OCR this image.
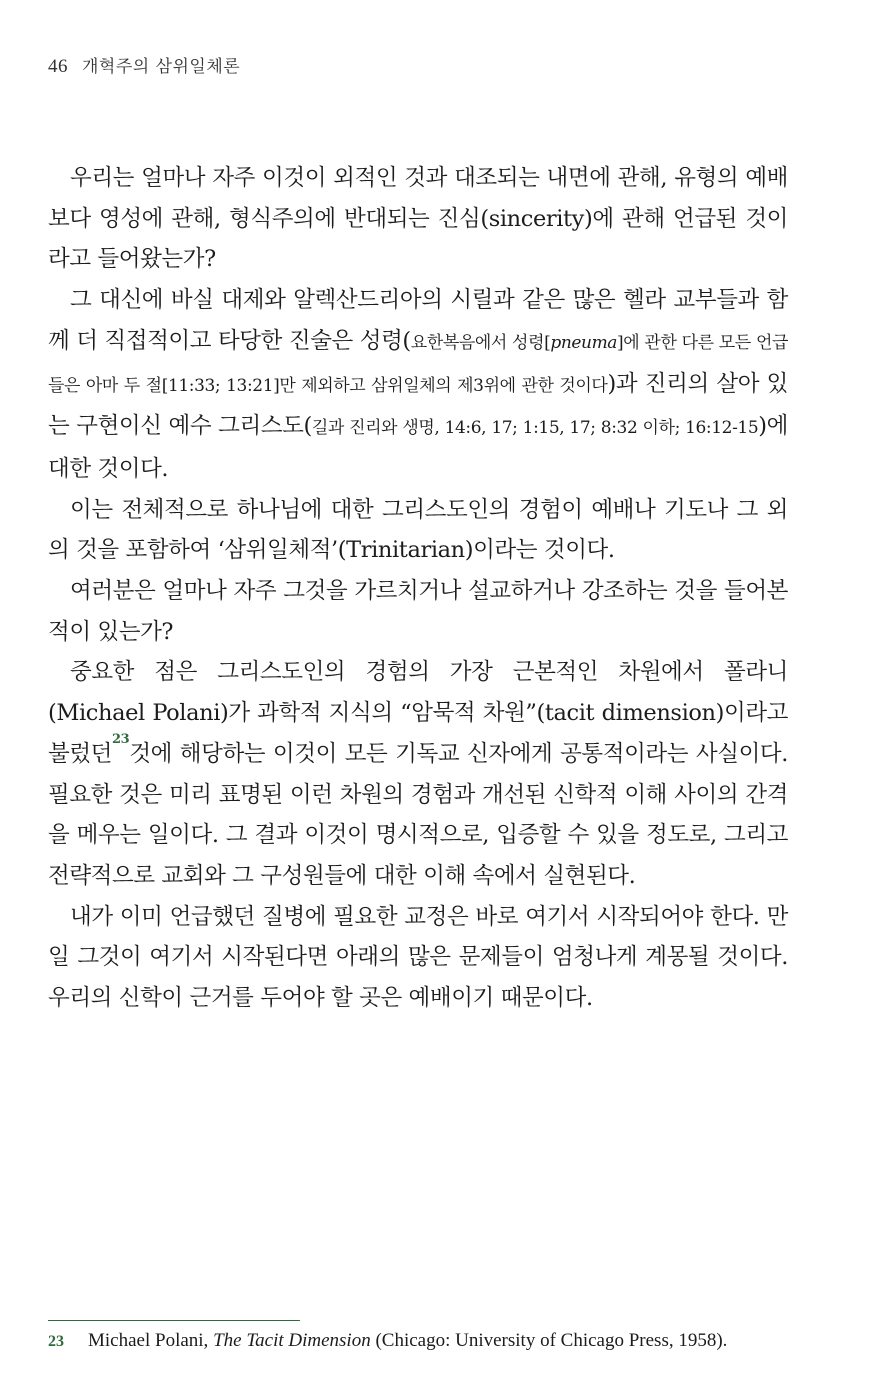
46 개혁주의 삼위일체론

우리는 얼마나 자주 이것이 외적인 것과 대조되는 내면에 관해, 유형의 예배보다 영성에 관해, 형식주의에 반대되는 진심(sincerity)에 관해 언급된 것이라고 들어왔는가?

그 대신에 바실 대제와 알렉산드리아의 시릴과 같은 많은 헬라 교부들과 함께 더 직접적이고 타당한 진술은 성령(요한복음에서 성령[pneuma]에 관한 다른 모든 언급들은 아마 두 절[11:33; 13:21]만 제외하고 삼위일체의 제3위에 관한 것이다)과 진리의 살아 있는 구현이신 예수 그리스도(길과 진리와 생명, 14:6, 17; 1:15, 17; 8:32 이하; 16:12-15)에 대한 것이다.

이는 전체적으로 하나님에 대한 그리스도인의 경험이 예배나 기도나 그 외의 것을 포함하여 ‘삼위일체적’(Trinitarian)이라는 것이다.

여러분은 얼마나 자주 그것을 가르치거나 설교하거나 강조하는 것을 들어본 적이 있는가?

중요한 점은 그리스도인의 경험의 가장 근본적인 차원에서 폴라니(Michael Polani)가 과학적 지식의 “암묵적 차원”(tacit dimension)이라고 불렀던$^{23}$것에 해당하는 이것이 모든 기독교 신자에게 공통적이라는 사실이다. 필요한 것은 미리 표명된 이런 차원의 경험과 개선된 신학적 이해 사이의 간격을 메우는 일이다. 그 결과 이것이 명시적으로, 입증할 수 있을 정도로, 그리고 전략적으로 교회와 그 구성원들에 대한 이해 속에서 실현된다.

내가 이미 언급했던 질병에 필요한 교정은 바로 여기서 시작되어야 한다. 만일 그것이 여기서 시작된다면 아래의 많은 문제들이 엄청나게 계몽될 것이다. 우리의 신학이 근거를 두어야 할 곳은 예배이기 때문이다.

23 Michael Polani, The Tacit Dimension (Chicago: University of Chicago Press, 1958).
